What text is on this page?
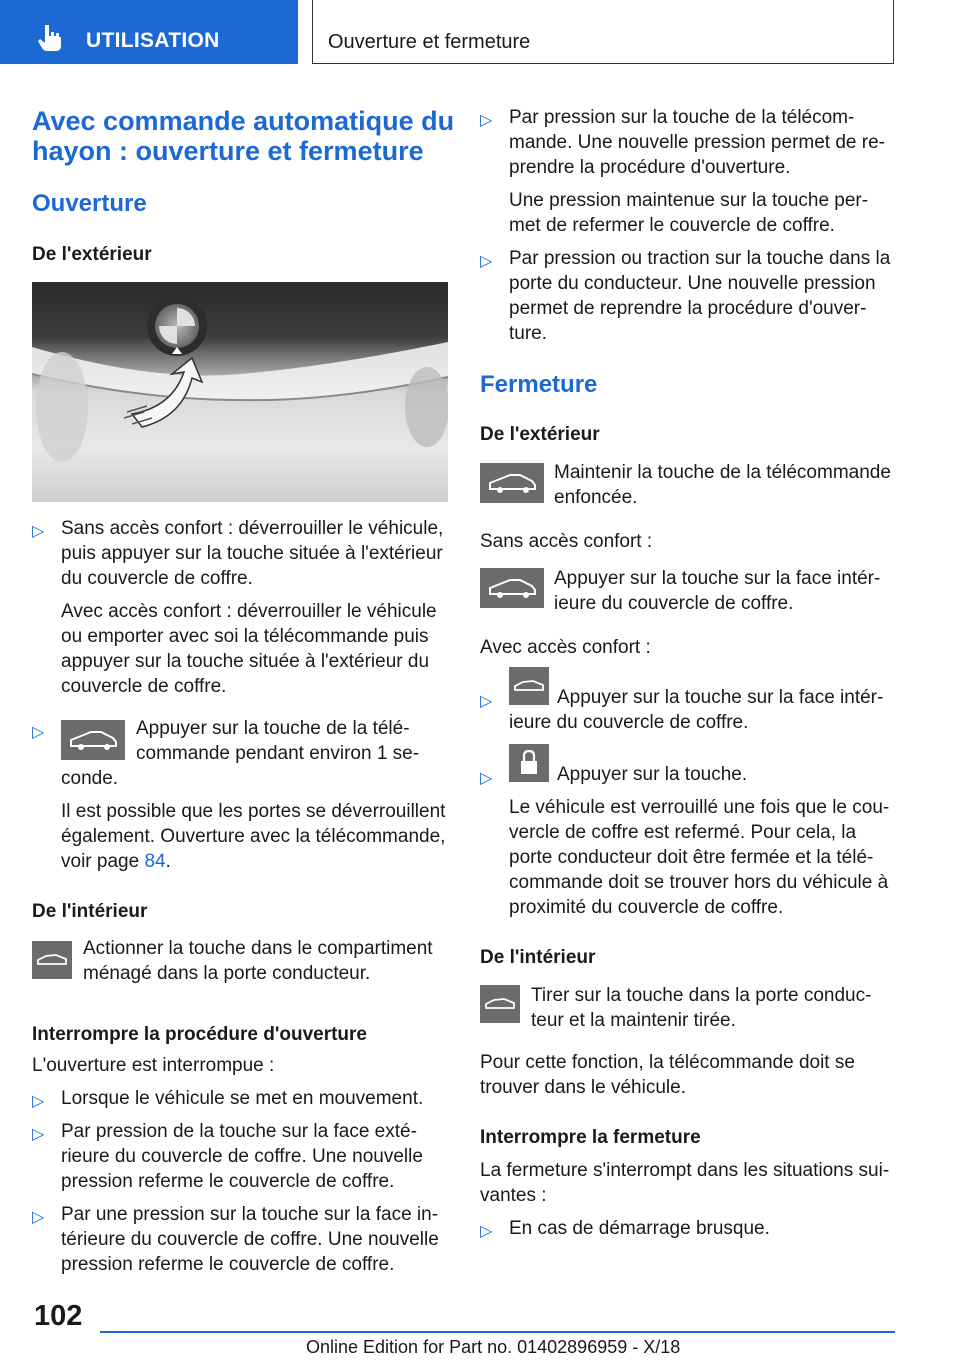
UTILISATION	Ouverture et fermeture
Avec commande automatique du
hayon : ouverture et fermeture
Ouverture
De l'extérieur
▷ Sans accès confort : déverrouiller le véhicule,
puis appuyer sur la touche située à l'extérieur
du couvercle de coffre.
Avec accès confort : déverrouiller le véhicule
ou emporter avec soi la télécommande puis
appuyer sur la touche située à l'extérieur du
couvercle de coffre.
▷	Appuyer sur la touche de la télé-
commande pendant environ 1 se-
conde.
Il est possible que les portes se déverrouillent
également. Ouverture avec la télécommande,
voir page 84.
De l'intérieur
Actionner la touche dans le compartiment
ménagé dans la porte conducteur.
Interrompre la procédure d'ouverture
L'ouverture est interrompue :
▷ Lorsque le véhicule se met en mouvement.
▷ Par pression de la touche sur la face exté-
rieure du couvercle de coffre. Une nouvelle
pression referme le couvercle de coffre.
▷ Par une pression sur la touche sur la face in-
térieure du couvercle de coffre. Une nouvelle
pression referme le couvercle de coffre.
▷ Par pression sur la touche de la télécom-
mande. Une nouvelle pression permet de re-
prendre la procédure d'ouverture.
Une pression maintenue sur la touche per-
met de refermer le couvercle de coffre.
▷ Par pression ou traction sur la touche dans la
porte du conducteur. Une nouvelle pression
permet de reprendre la procédure d'ouver-
ture.
Fermeture
De l'extérieur
Maintenir la touche de la télécommande
enfoncée.
Sans accès confort :
Appuyer sur la touche sur la face intér-
ieure du couvercle de coffre.
Avec accès confort :
▷	Appuyer sur la touche sur la face intér-
ieure du couvercle de coffre.
▷	Appuyer sur la touche.
Le véhicule est verrouillé une fois que le cou-
vercle de coffre est refermé. Pour cela, la
porte conducteur doit être fermée et la télé-
commande doit se trouver hors du véhicule à
proximité du couvercle de coffre.
De l'intérieur
Tirer sur la touche dans la porte conduc-
teur et la maintenir tirée.
Pour cette fonction, la télécommande doit se
trouver dans le véhicule.
Interrompre la fermeture
La fermeture s'interrompt dans les situations sui-
vantes :
▷ En cas de démarrage brusque.
102
Online Edition for Part no. 01402896959 - X/18
